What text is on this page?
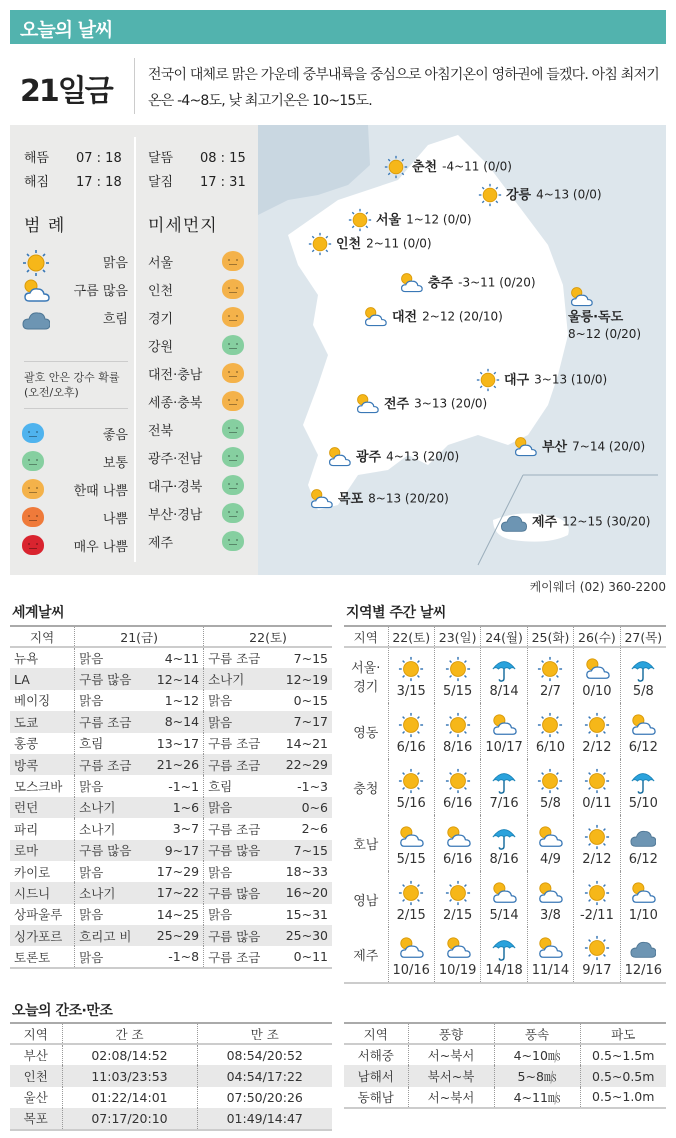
오늘의 날씨
21일금	전국이 대체로 맑은 가운데 중부내륙을 중심으로 아침기온이 영하권에 들겠다. 아침 최저기온은 -4~8도, 낮 최고기온은 10~15도.
해뜸 07 : 18
해짐 17 : 18
달뜸 08 : 15
달짐 17 : 31
범 례	미세먼지
맑음
구름 많음
흐림
괄호 안은 강수 확률 (오전/오후)
좋음
보통
한때 나쁨
나쁨
매우 나쁨
서울
인천
경기
강원
대전·충남
세종·충북
전북
광주·전남
대구·경북
부산·경남
제주
춘천 -4~11 (0/0)
강릉 4~13 (0/0)
서울 1~12 (0/0)
인천 2~11 (0/0)
충주 -3~11 (0/20)
대전 2~12 (20/10)	울릉·독도
8~12 (0/20)
대구 3~13 (10/0)
전주 3~13 (20/0)
광주 4~13 (20/0)
부산 7~14 (20/0)
목포 8~13 (20/20)
제주 12~15 (30/20)
케이웨더 (02) 360-2200
세계날씨
지역	21(금)		22(토)	
뉴욕	맑음	4~11	구름 조금	7~15
LA	구름 많음	12~14	소나기	12~19
베이징	맑음	1~12	맑음	0~15
도쿄	구름 조금	8~14	맑음	7~17
홍콩	흐림	13~17	구름 조금	14~21
방콕	구름 조금	21~26	구름 조금	22~29
모스크바	맑음	-1~1	흐림	-1~3
런던	소나기	1~6	맑음	0~6
파리	소나기	3~7	구름 조금	2~6
로마	구름 많음	9~17	구름 많음	7~15
카이로	맑음	17~29	맑음	18~33
시드니	소나기	17~22	구름 많음	16~20
상파울루	맑음	14~25	맑음	15~31
싱가포르	흐리고 비	25~29	구름 많음	25~30
토론토	맑음	-1~8	구름 조금	0~11
지역별 주간 날씨
지역	22(토)	23(일)	24(월)	25(화)	26(수)	27(목)
서울·경기	3/15	5/15	8/14	2/7	0/10	5/8

영동	6/16	8/16	10/17	6/10	2/12	6/12

충청	5/16	6/16	7/16	5/8	0/11	5/10

호남	5/15	6/16	8/16	4/9	2/12	6/12

영남	2/15	2/15	5/14	3/8	-2/11	1/10

제주	10/16	10/19	14/18	11/14	9/17	12/16
오늘의 간조·만조
지역	간 조	만 조
부산	02:08/14:52	08:54/20:52
인천	11:03/23:53	04:54/17:22
울산	01:22/14:01	07:50/20:26
목포	07:17/20:10	01:49/14:47
지역	풍향	풍속	파도
서해중	서~북서	4~10㎧	0.5~1.5m
남해서	북서~북	5~8㎧	0.5~0.5m
동해남	서~북서	4~11㎧	0.5~1.0m
